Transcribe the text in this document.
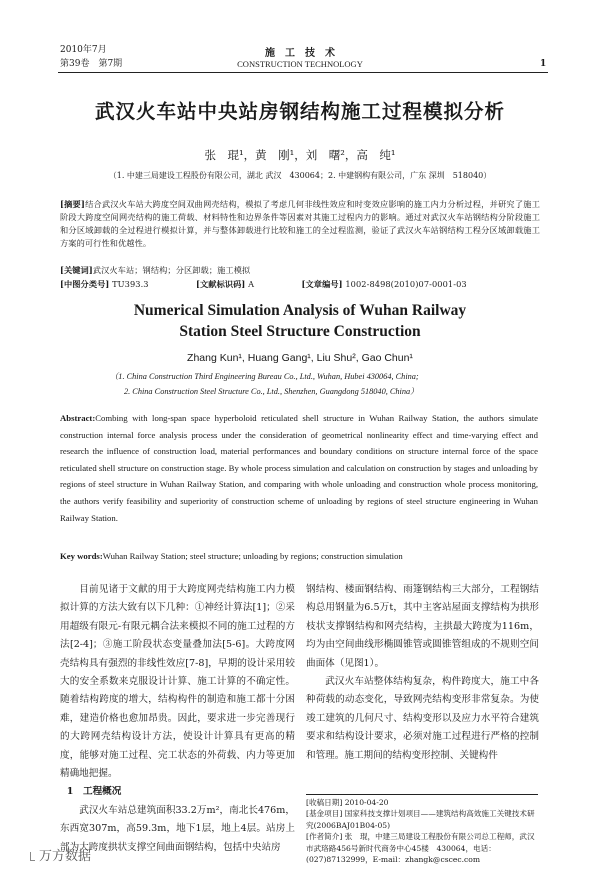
2010年7月
第39卷　第7期
施　工　技　术
CONSTRUCTION TECHNOLOGY	1
武汉火车站中央站房钢结构施工过程模拟分析
张　琨¹，黄　刚¹，刘　曙²，高　纯¹
（1. 中建三局建设工程股份有限公司，湖北 武汉　430064；2. 中建钢构有限公司，广东 深圳　518040）
[摘要]结合武汉火车站大跨度空间双曲网壳结构，模拟了考虑几何非线性效应和时变效应影响的施工内力分析过程，并研究了施工阶段大跨度空间网壳结构的施工荷载、材料特性和边界条件等因素对其施工过程内力的影响。通过对武汉火车站钢结构分阶段施工和分区域卸载的全过程进行模拟计算，并与整体卸载进行比较和施工的全过程监测，验证了武汉火车站钢结构工程分区域卸载施工方案的可行性和优越性。
[关键词]武汉火车站；钢结构；分区卸载；施工模拟
[中图分类号] TU393.3	[文献标识码] A	[文章编号] 1002-8498(2010)07-0001-03
Numerical Simulation Analysis of Wuhan Railway
Station Steel Structure Construction
Zhang Kun¹, Huang Gang¹, Liu Shu², Gao Chun¹
（1. China Construction Third Engineering Bureau Co., Ltd., Wuhan, Hubei 430064, China;
2. China Construction Steel Structure Co., Ltd., Shenzhen, Guangdong 518040, China）
Abstract:Combing with long-span space hyperboloid reticulated shell structure in Wuhan Railway Station, the authors simulate construction internal force analysis process under the consideration of geometrical nonlinearity effect and time-varying effect and research the influence of construction load, material performances and boundary conditions on structure internal force of the space reticulated shell structure on construction stage. By whole process simulation and calculation on construction by stages and unloading by regions of steel structure in Wuhan Railway Station, and comparing with whole unloading and construction whole process monitoring, the authors verify feasibility and superiority of construction scheme of unloading by regions of steel structure engineering in Wuhan Railway Station.
Key words:Wuhan Railway Station; steel structure; unloading by regions; construction simulation

目前见诸于文献的用于大跨度网壳结构施工内力模拟计算的方法大致有以下几种：①神经计算法[1]；②采用超级有限元-有限元耦合法来模拟不同的施工过程的方法[2-4]；③施工阶段状态变量叠加法[5-6]。大跨度网壳结构具有强烈的非线性效应[7-8]，早期的设计采用较大的安全系数来克服设计计算、施工计算的不确定性。随着结构跨度的增大，结构构件的制造和施工都十分困难，建造价格也愈加昂贵。因此，要求进一步完善现行的大跨网壳结构设计方法，使设计计算具有更高的精度，能够对施工过程、完工状态的外荷载、内力等更加精确地把握。

1　工程概况

武汉火车站总建筑面积33.2万m²，南北长476m，东西宽307m，高59.3m，地下1层，地上4层。站房上部为大跨度拱状支撑空间曲面钢结构，包括中央站房

钢结构、楼面钢结构、雨篷钢结构三大部分，工程钢结构总用钢量为6.5万t，其中主客站屋面支撑结构为拱形枝状支撑钢结构和网壳结构，主拱最大跨度为116m，均为由空间曲线形椭圆锥管或圆锥管组成的不规则空间曲面体（见图1）。

武汉火车站整体结构复杂，构件跨度大，施工中各种荷载的动态变化，导致网壳结构变形非常复杂。为使竣工建筑的几何尺寸、结构变形以及应力水平符合建筑要求和结构设计要求，必须对施工过程进行严格的控制和管理。施工期间的结构变形控制、关键构件

[收稿日期] 2010-04-20
[基金项目] 国家科技支撑计划项目——建筑结构高效施工关键技术研究(2006BAJ01B04-05)
[作者简介] 张　琨，中建三局建设工程股份有限公司总工程师，武汉市武珞路456号新时代商务中心45楼　430064，电话：(027)87132999，E-mail：zhangk@cscec.com
万方数据
